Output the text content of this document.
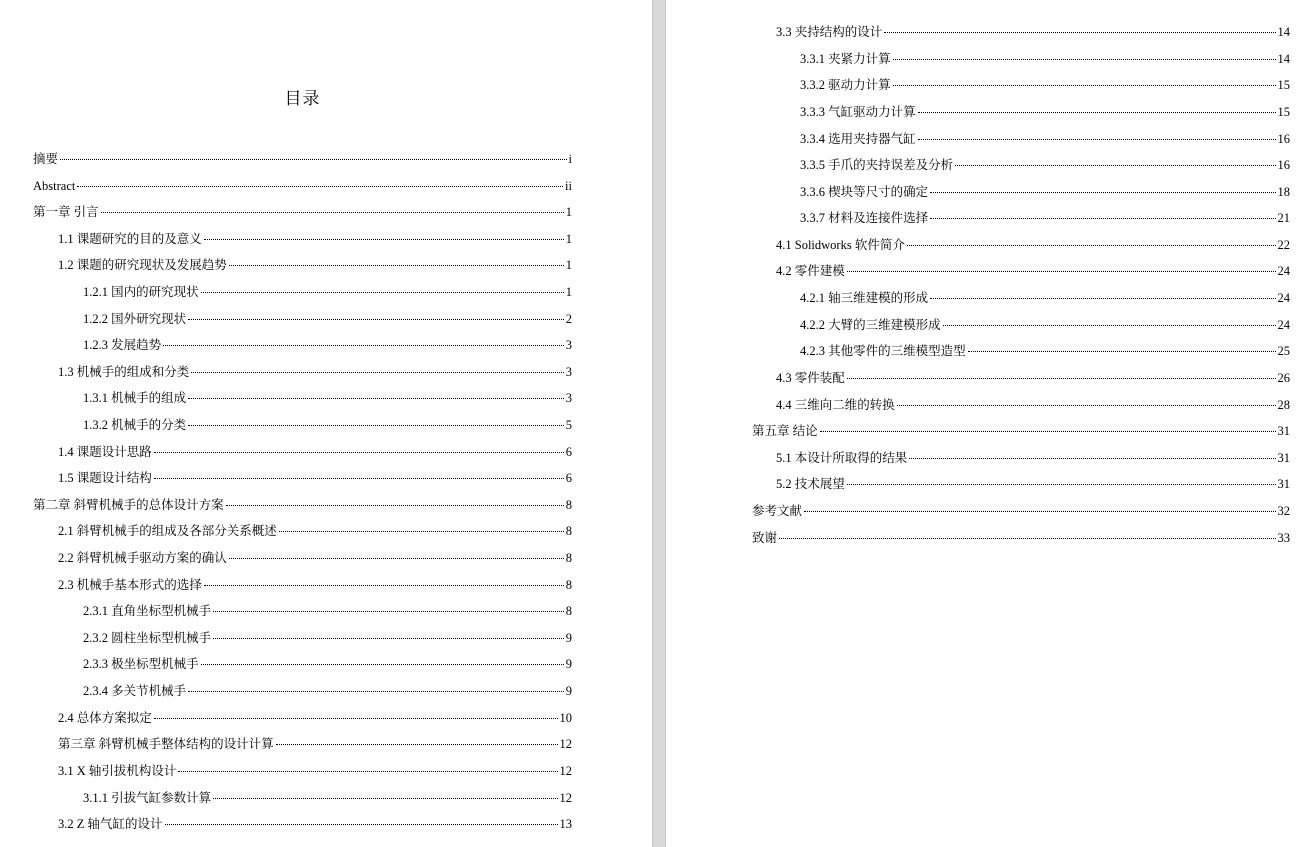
目录
摘要	i
Abstract	ii
第一章 引言	1
1.1 课题研究的目的及意义	1
1.2 课题的研究现状及发展趋势	1
1.2.1 国内的研究现状	1
1.2.2 国外研究现状	2
1.2.3 发展趋势	3
1.3 机械手的组成和分类	3
1.3.1 机械手的组成	3
1.3.2 机械手的分类	5
1.4 课题设计思路	6
1.5 课题设计结构	6
第二章 斜臂机械手的总体设计方案	8
2.1 斜臂机械手的组成及各部分关系概述	8
2.2 斜臂机械手驱动方案的确认	8
2.3 机械手基本形式的选择	8
2.3.1 直角坐标型机械手	8
2.3.2 圆柱坐标型机械手	9
2.3.3 极坐标型机械手	9
2.3.4 多关节机械手	9
2.4 总体方案拟定	10
第三章 斜臂机械手整体结构的设计计算	12
3.1 X 轴引拔机构设计	12
3.1.1 引拔气缸参数计算	12
3.2 Z 轴气缸的设计	13
3.3 夹持结构的设计	14
3.3.1 夹紧力计算	14
3.3.2 驱动力计算	15
3.3.3 气缸驱动力计算	15
3.3.4 选用夹持器气缸	16
3.3.5 手爪的夹持误差及分析	16
3.3.6 楔块等尺寸的确定	18
3.3.7 材料及连接件选择	21
4.1 Solidworks 软件简介	22
4.2 零件建模	24
4.2.1 轴三维建模的形成	24
4.2.2 大臂的三维建模形成	24
4.2.3 其他零件的三维模型造型	25
4.3 零件装配	26
4.4 三维向二维的转换	28
第五章 结论	31
5.1 本设计所取得的结果	31
5.2 技术展望	31
参考文献	32
致谢	33
